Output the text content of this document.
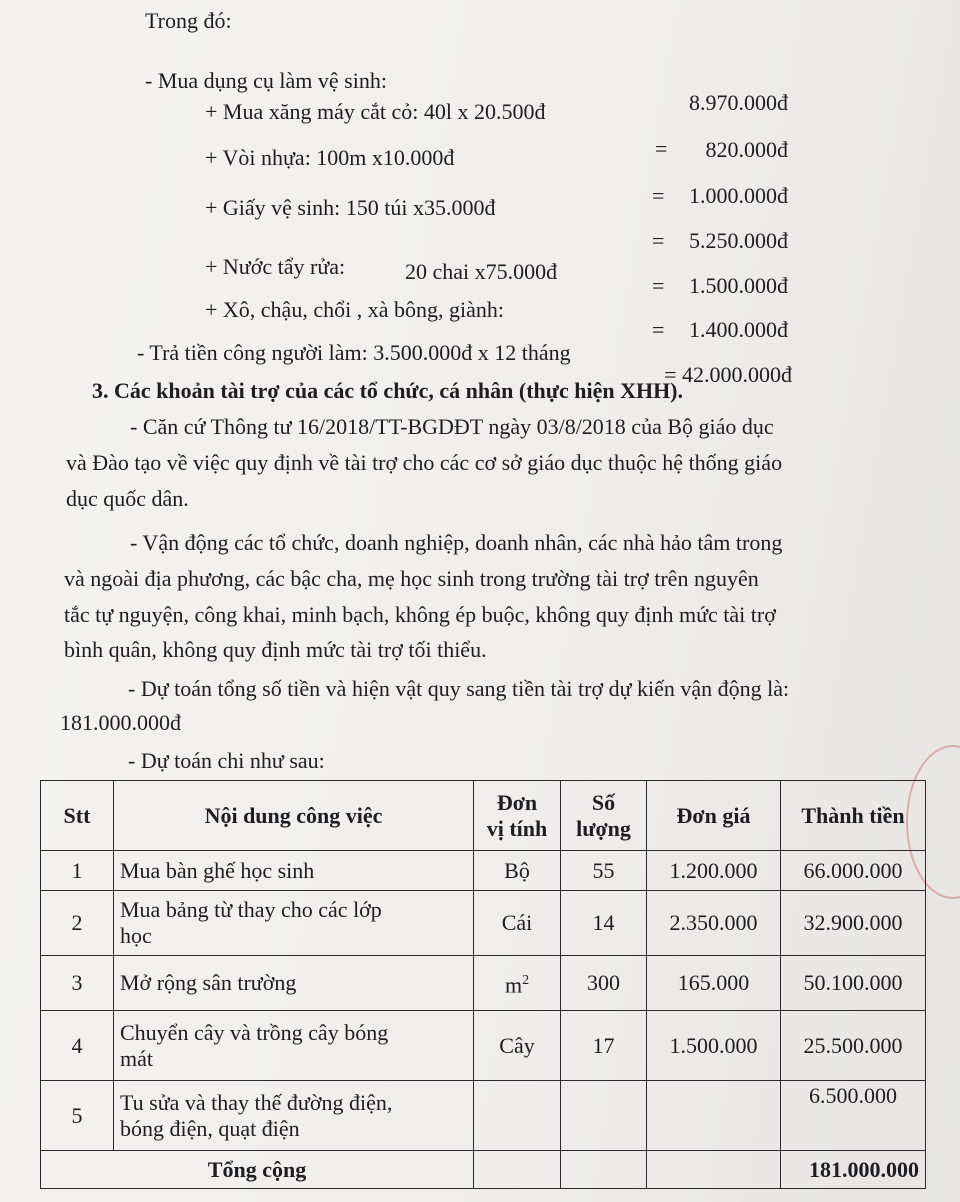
Trong đó:
- Mua dụng cụ làm vệ sinh:
8.970.000đ
+ Mua xăng máy cắt cỏ: 40l x 20.500đ
=	820.000đ
+ Vòi nhựa: 100m x10.000đ
=	1.000.000đ
+ Giấy vệ sinh: 150 túi x35.000đ
=	5.250.000đ
+ Nước tẩy rửa:	20 chai x75.000đ
=	1.500.000đ
+ Xô, chậu, chổi , xà bông, giành:
=	1.400.000đ
- Trả tiền công người làm: 3.500.000đ x 12 tháng
= 42.000.000đ
3. Các khoản tài trợ của các tổ chức, cá nhân (thực hiện XHH).
- Căn cứ Thông tư 16/2018/TT-BGDĐT ngày 03/8/2018 của Bộ giáo dục
và Đào tạo về việc quy định về tài trợ cho các cơ sở giáo dục thuộc hệ thống giáo
dục quốc dân.
- Vận động các tổ chức, doanh nghiệp, doanh nhân, các nhà hảo tâm trong
và ngoài địa phương, các bậc cha, mẹ học sinh trong trường tài trợ trên nguyên
tắc tự nguyện, công khai, minh bạch, không ép buộc, không quy định mức tài trợ
bình quân, không quy định mức tài trợ tối thiểu.
- Dự toán tổng số tiền và hiện vật quy sang tiền tài trợ dự kiến vận động là:
181.000.000đ
- Dự toán chi như sau:
Stt	Nội dung công việc	
Đơn
vị tính

Số
lượng
	Đơn giá	Thành tiền
1	Mua bàn ghế học sinh	Bộ	55	1.200.000	66.000.000
2	
Mua bảng từ thay cho các lớp
học
	Cái	14	2.350.000	32.900.000
3	Mở rộng sân trường	$m^2$	300	165.000	50.100.000
4	
Chuyển cây và trồng cây bóng
mát
	Cây	17	1.500.000	25.500.000
5	
Tu sửa và thay thế đường điện,
bóng điện, quạt điện
				6.500.000
Tổng cộng				181.000.000
